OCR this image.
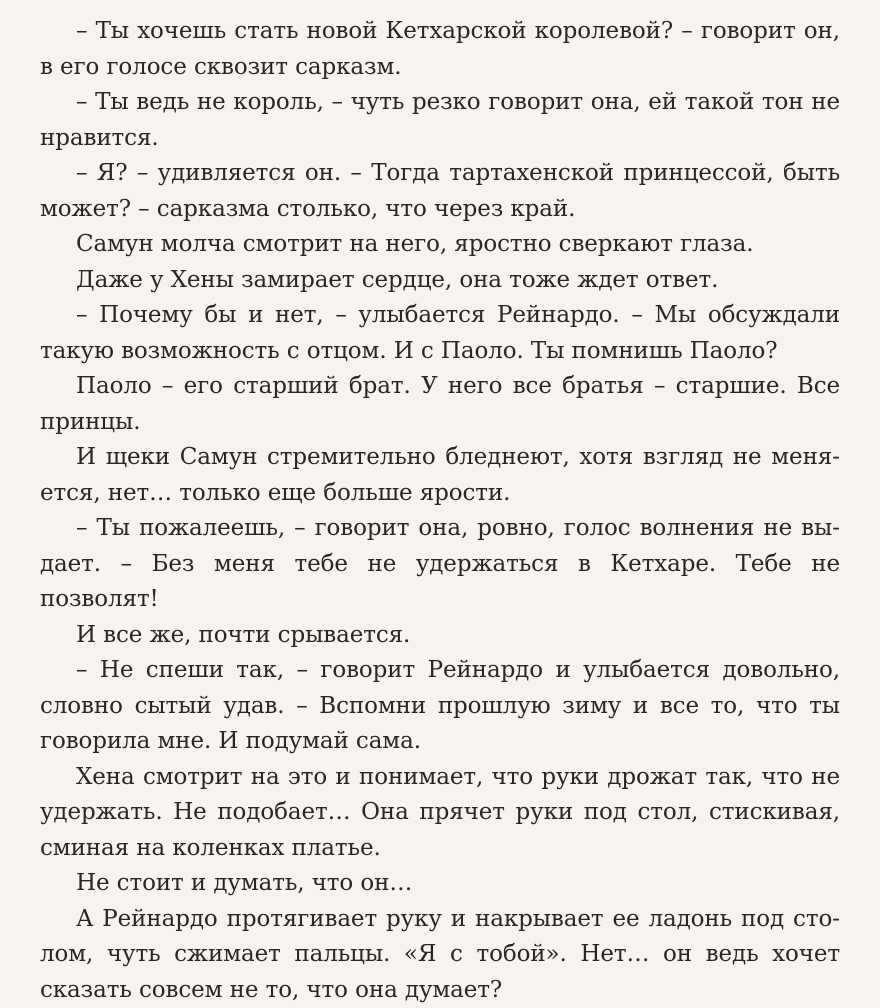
– Ты хочешь стать новой Кетхарской королевой? – говорит он, в его голосе сквозит сарказм.

– Ты ведь не король, – чуть резко говорит она, ей такой тон не нравится.

– Я? – удивляется он. – Тогда тартахенской принцессой, быть может? – сарказма столько, что через край.

Самун молча смотрит на него, яростно сверкают глаза.

Даже у Хены замирает сердце, она тоже ждет ответ.

– Почему бы и нет, – улыбается Рейнардо. – Мы обсуждали такую возможность с отцом. И с Паоло. Ты помнишь Паоло?

Паоло – его старший брат. У него все братья – старшие. Все принцы.

И щеки Самун стремительно бледнеют, хотя взгляд не меняется, нет… только еще больше ярости.

– Ты пожалеешь, – говорит она, ровно, голос волнения не выдает. – Без меня тебе не удержаться в Кетхаре. Тебе не позволят!

И все же, почти срывается.

– Не спеши так, – говорит Рейнардо и улыбается довольно, словно сытый удав. – Вспомни прошлую зиму и все то, что ты говорила мне. И подумай сама.

Хена смотрит на это и понимает, что руки дрожат так, что не удержать. Не подобает… Она прячет руки под стол, стискивая, сминая на коленках платье.

Не стоит и думать, что он…

А Рейнардо протягивает руку и накрывает ее ладонь под столом, чуть сжимает пальцы. «Я с тобой». Нет… он ведь хочет сказать совсем не то, что она думает?
